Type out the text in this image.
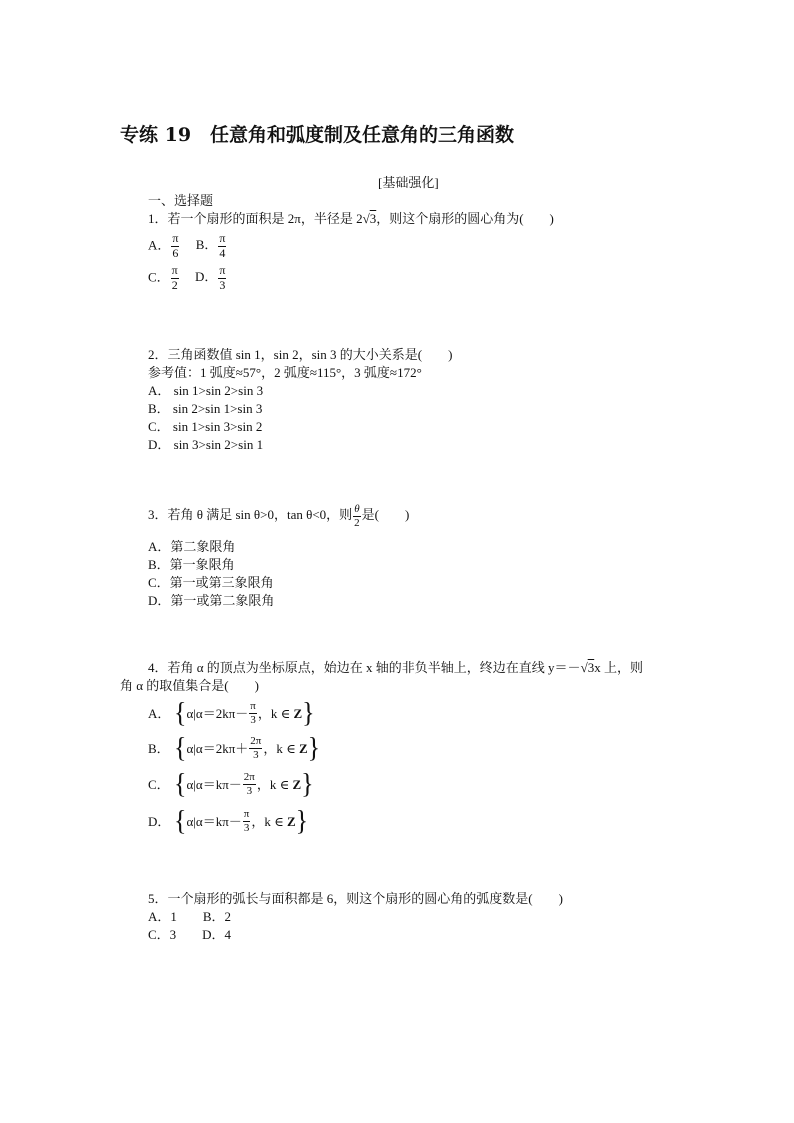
专练 19　任意角和弧度制及任意角的三角函数
[基础强化]
一、选择题
1．若一个扇形的面积是 2π，半径是 2√3，则这个扇形的圆心角为(　　)
A． $\frac{\pi}{6}$ B． $\frac{\pi}{4}$
C． $\frac{\pi}{2}$ D． $\frac{\pi}{3}$
2．三角函数值 sin 1，sin 2，sin 3 的大小关系是(　　)
参考值：1 弧度≈57°，2 弧度≈115°，3 弧度≈172°
A． sin 1>sin 2>sin 3
B． sin 2>sin 1>sin 3
C． sin 1>sin 3>sin 2
D． sin 3>sin 2>sin 1
3．若角 θ 满足 sin θ>0，tan θ<0，则 $\frac{\theta}{2}$ 是(　　)
A．第二象限角
B．第一象限角
C．第一或第三象限角
D．第一或第二象限角
4．若角 α 的顶点为坐标原点，始边在 x 轴的非负半轴上，终边在直线 y＝－√3x 上，则
角 α 的取值集合是(　　)
A． { $\alpha|\alpha=2k\pi- \frac{\pi}{3}$ ，k ∈
Z }
B． { $\alpha|\alpha=2k\pi+ \frac{2\pi}{3}$ ，k ∈
Z }
C． { $\alpha|\alpha=k\pi- \frac{2\pi}{3}$ ，k ∈
Z }
D． { $\alpha|\alpha=k\pi- \frac{\pi}{3}$ ，k ∈
Z }
5．一个扇形的弧长与面积都是 6，则这个扇形的圆心角的弧度数是(　　)
A．1　　B．2
C．3　　D．4
